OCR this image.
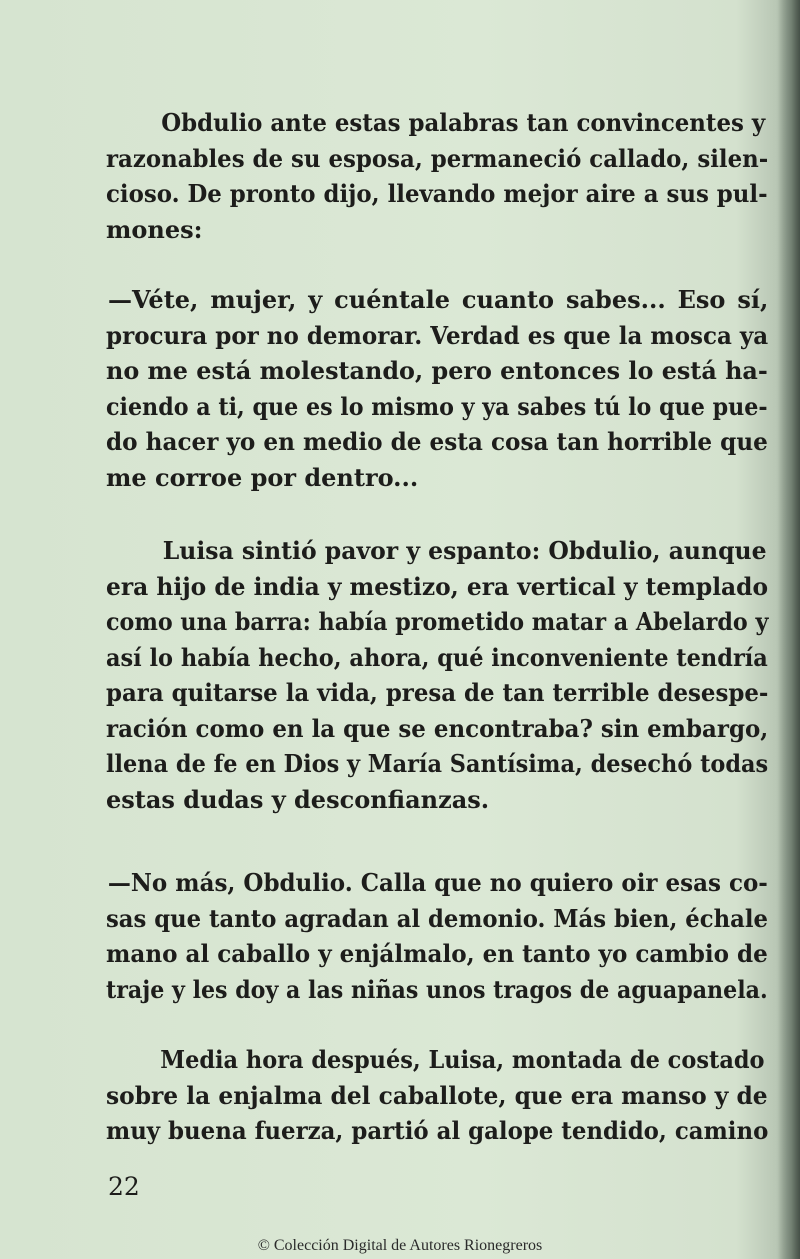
Obdulio ante estas palabras tan convincentes y
razonables de su esposa, permaneció callado, silen-
cioso. De pronto dijo, llevando mejor aire a sus pul-
mones:

—Véte, mujer, y cuéntale cuanto sabes... Eso sí,
procura por no demorar. Verdad es que la mosca ya
no me está molestando, pero entonces lo está ha-
ciendo a ti, que es lo mismo y ya sabes tú lo que pue-
do hacer yo en medio de esta cosa tan horrible que
me corroe por dentro...

Luisa sintió pavor y espanto: Obdulio, aunque
era hijo de india y mestizo, era vertical y templado
como una barra: había prometido matar a Abelardo y
así lo había hecho, ahora, qué inconveniente tendría
para quitarse la vida, presa de tan terrible desespe-
ración como en la que se encontraba? sin embargo,
llena de fe en Dios y María Santísima, desechó todas
estas dudas y desconfianzas.

—No más, Obdulio. Calla que no quiero oir esas co-
sas que tanto agradan al demonio. Más bien, échale
mano al caballo y enjálmalo, en tanto yo cambio de
traje y les doy a las niñas unos tragos de aguapanela.

Media hora después, Luisa, montada de costado
sobre la enjalma del caballote, que era manso y de
muy buena fuerza, partió al galope tendido, camino

22
© Colección Digital de Autores Rionegreros
